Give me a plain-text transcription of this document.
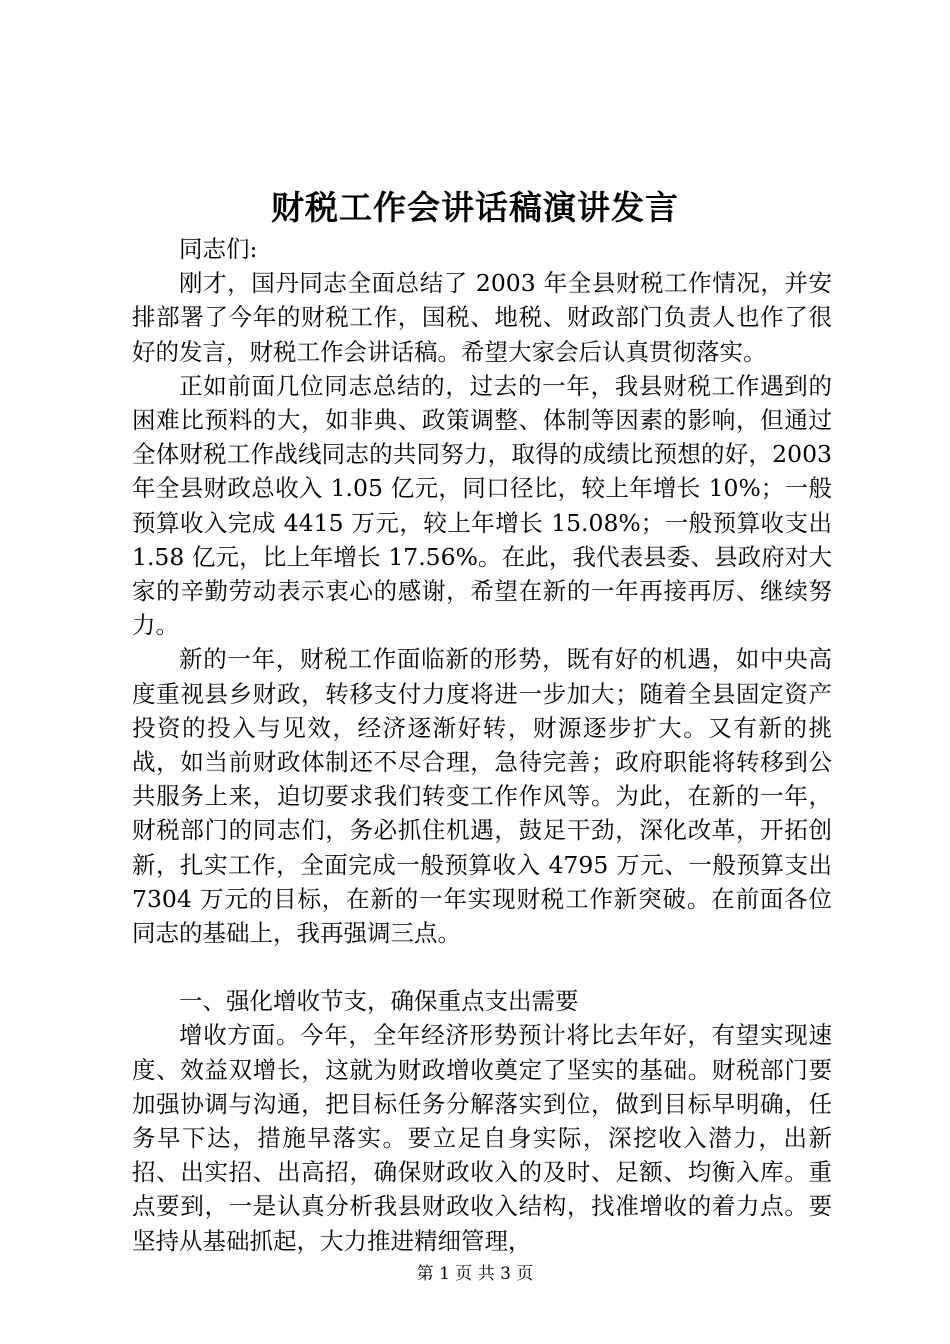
财税工作会讲话稿演讲发言

同志们:

刚才，国丹同志全面总结了 2003 年全县财税工作情况，并安排部署了今年的财税工作，国税、地税、财政部门负责人也作了很好的发言，财税工作会讲话稿。希望大家会后认真贯彻落实。

正如前面几位同志总结的，过去的一年，我县财税工作遇到的困难比预料的大，如非典、政策调整、体制等因素的影响，但通过全体财税工作战线同志的共同努力，取得的成绩比预想的好，2003 年全县财政总收入 1.05 亿元，同口径比，较上年增长 10%；一般预算收入完成 4415 万元，较上年增长 15.08%；一般预算收支出 1.58 亿元，比上年增长 17.56%。在此，我代表县委、县政府对大家的辛勤劳动表示衷心的感谢，希望在新的一年再接再厉、继续努力。

新的一年，财税工作面临新的形势，既有好的机遇，如中央高度重视县乡财政，转移支付力度将进一步加大；随着全县固定资产投资的投入与见效，经济逐渐好转，财源逐步扩大。又有新的挑战，如当前财政体制还不尽合理，急待完善；政府职能将转移到公共服务上来，迫切要求我们转变工作作风等。为此，在新的一年，财税部门的同志们，务必抓住机遇，鼓足干劲，深化改革，开拓创新，扎实工作，全面完成一般预算收入 4795 万元、一般预算支出 7304 万元的目标，在新的一年实现财税工作新突破。在前面各位同志的基础上，我再强调三点。

一、强化增收节支，确保重点支出需要

增收方面。今年，全年经济形势预计将比去年好，有望实现速度、效益双增长，这就为财政增收奠定了坚实的基础。财税部门要加强协调与沟通，把目标任务分解落实到位，做到目标早明确，任务早下达，措施早落实。要立足自身实际，深挖收入潜力，出新招、出实招、出高招，确保财政收入的及时、足额、均衡入库。重点要到，一是认真分析我县财政收入结构，找准增收的着力点。要坚持从基础抓起，大力推进精细管理，

第 1 页 共 3 页
